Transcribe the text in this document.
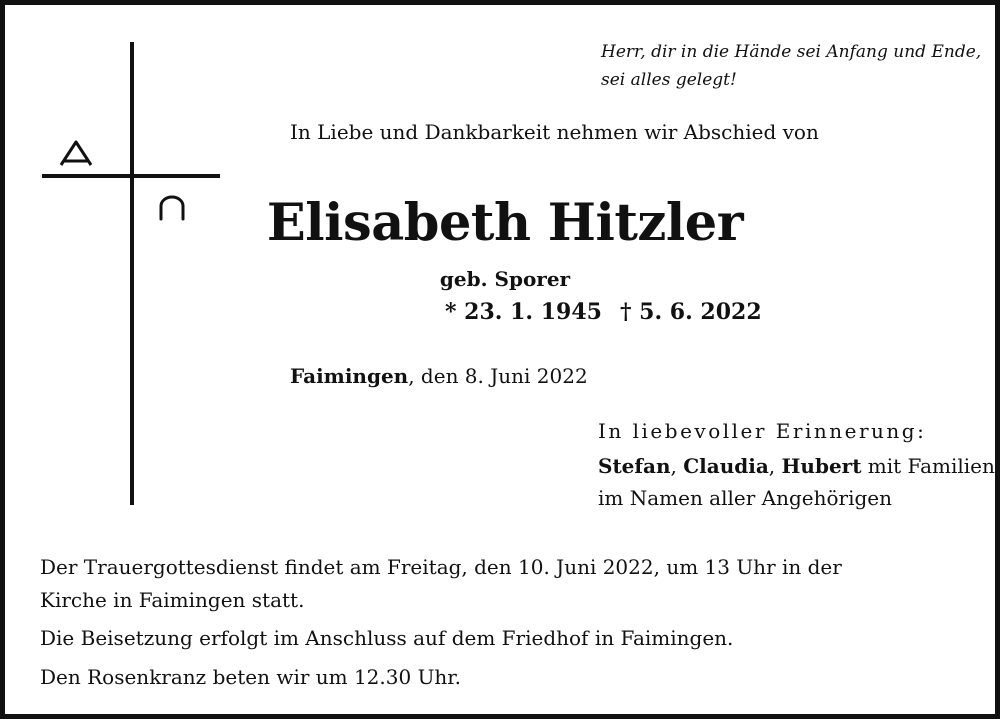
Herr, dir in die Hände sei Anfang und Ende,
sei alles gelegt!
In Liebe und Dankbarkeit nehmen wir Abschied von
Elisabeth Hitzler
geb. Sporer
* 23. 1. 1945 † 5. 6. 2022
Faimingen, den 8. Juni 2022
In liebevoller Erinnerung:
Stefan, Claudia, Hubert mit Familien
im Namen aller Angehörigen
Der Trauergottesdienst findet am Freitag, den 10. Juni 2022, um 13 Uhr in der Kirche in Faimingen statt.
Die Beisetzung erfolgt im Anschluss auf dem Friedhof in Faimingen.
Den Rosenkranz beten wir um 12.30 Uhr.
